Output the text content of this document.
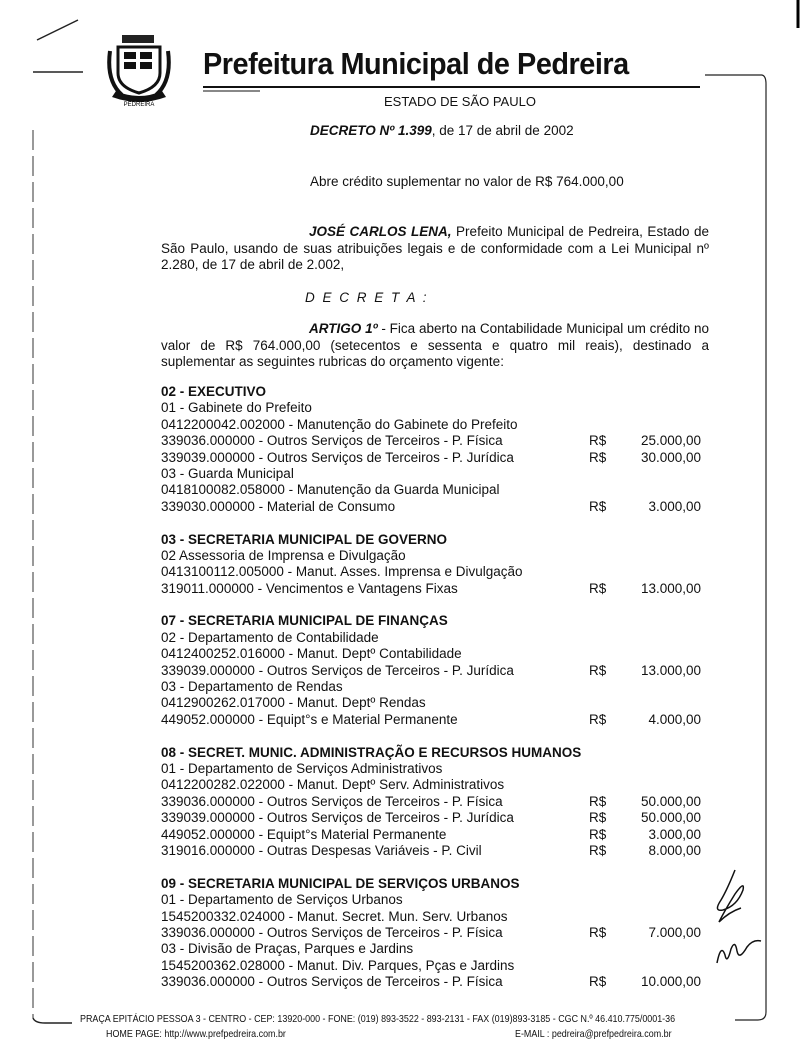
PEDREIRA
Prefeitura Municipal de Pedreira
ESTADO DE SÃO PAULO
DECRETO Nº 1.399, de 17 de abril de 2002
Abre crédito suplementar no valor de R$ 764.000,00
JOSÉ CARLOS LENA, Prefeito Municipal de Pedreira, Estado de São Paulo, usando de suas atribuições legais e de conformidade com a Lei Municipal nº 2.280, de 17 de abril de 2.002,
D E C R E T A :
ARTIGO 1º - Fica aberto na Contabilidade Municipal um crédito no valor de R$ 764.000,00 (setecentos e sessenta e quatro mil reais), destinado a suplementar as seguintes rubricas do orçamento vigente:
02 - EXECUTIVO
01 - Gabinete do Prefeito
0412200042.002000 - Manutenção do Gabinete do Prefeito
339036.000000 - Outros Serviços de Terceiros - P. Física	R$	25.000,00
339039.000000 - Outros Serviços de Terceiros - P. Jurídica	R$	30.000,00
03 - Guarda Municipal
0418100082.058000 - Manutenção da Guarda Municipal
339030.000000 - Material de Consumo	R$	3.000,00
03 - SECRETARIA MUNICIPAL DE GOVERNO
02 Assessoria de Imprensa e Divulgação
0413100112.005000 - Manut. Asses. Imprensa e Divulgação
319011.000000 - Vencimentos e Vantagens Fixas	R$	13.000,00
07 - SECRETARIA MUNICIPAL DE FINANÇAS
02 - Departamento de Contabilidade
0412400252.016000 - Manut. Deptº Contabilidade
339039.000000 - Outros Serviços de Terceiros - P. Jurídica	R$	13.000,00
03 - Departamento de Rendas
0412900262.017000 - Manut. Deptº Rendas
449052.000000 - Equipt°s e Material Permanente	R$	4.000,00
08 - SECRET. MUNIC. ADMINISTRAÇÃO E RECURSOS HUMANOS
01 - Departamento de Serviços Administrativos
0412200282.022000 - Manut. Deptº Serv. Administrativos
339036.000000 - Outros Serviços de Terceiros - P. Física	R$	50.000,00
339039.000000 - Outros Serviços de Terceiros - P. Jurídica	R$	50.000,00
449052.000000 - Equipt°s Material Permanente	R$	3.000,00
319016.000000 - Outras Despesas Variáveis - P. Civil	R$	8.000,00
09 - SECRETARIA MUNICIPAL DE SERVIÇOS URBANOS
01 - Departamento de Serviços Urbanos
1545200332.024000 - Manut. Secret. Mun. Serv. Urbanos
339036.000000 - Outros Serviços de Terceiros - P. Física	R$	7.000,00
03 - Divisão de Praças, Parques e Jardins
1545200362.028000 - Manut. Div. Parques, Pças e Jardins
339036.000000 - Outros Serviços de Terceiros - P. Física	R$	10.000,00
PRAÇA EPITÁCIO PESSOA 3 - CENTRO - CEP: 13920-000 - FONE: (019) 893-3522 - 893-2131 - FAX (019)893-3185 - CGC N.º 46.410.775/0001-36
HOME PAGE: http://www.prefpedreira.com.br	E-MAIL : pedreira@prefpedreira.com.br
